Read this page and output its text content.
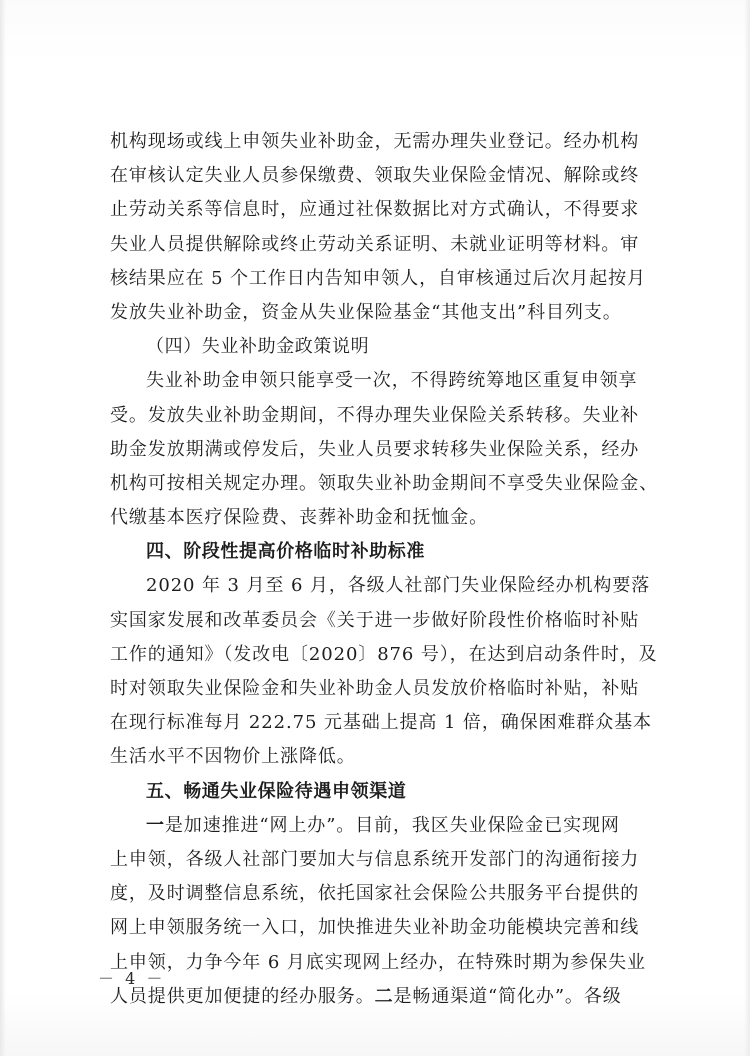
机构现场或线上申领失业补助金，无需办理失业登记。经办机构
在审核认定失业人员参保缴费、领取失业保险金情况、解除或终
止劳动关系等信息时，应通过社保数据比对方式确认，不得要求
失业人员提供解除或终止劳动关系证明、未就业证明等材料。审
核结果应在 5 个工作日内告知申领人，自审核通过后次月起按月
发放失业补助金，资金从失业保险基金“其他支出”科目列支。
（四）失业补助金政策说明
失业补助金申领只能享受一次，不得跨统筹地区重复申领享
受。发放失业补助金期间，不得办理失业保险关系转移。失业补
助金发放期满或停发后，失业人员要求转移失业保险关系，经办
机构可按相关规定办理。领取失业补助金期间不享受失业保险金、
代缴基本医疗保险费、丧葬补助金和抚恤金。
四、阶段性提高价格临时补助标准
2020 年 3 月至 6 月，各级人社部门失业保险经办机构要落
实国家发展和改革委员会《关于进一步做好阶段性价格临时补贴
工作的通知》（发改电〔2020〕876 号），在达到启动条件时，及
时对领取失业保险金和失业补助金人员发放价格临时补贴，补贴
在现行标准每月 222.75 元基础上提高 1 倍，确保困难群众基本
生活水平不因物价上涨降低。
五、畅通失业保险待遇申领渠道
一是加速推进“网上办”。目前，我区失业保险金已实现网
上申领，各级人社部门要加大与信息系统开发部门的沟通衔接力
度，及时调整信息系统，依托国家社会保险公共服务平台提供的
网上申领服务统一入口，加快推进失业补助金功能模块完善和线
上申领，力争今年 6 月底实现网上经办，在特殊时期为参保失业
人员提供更加便捷的经办服务。二是畅通渠道“简化办”。各级
－ 4 －
